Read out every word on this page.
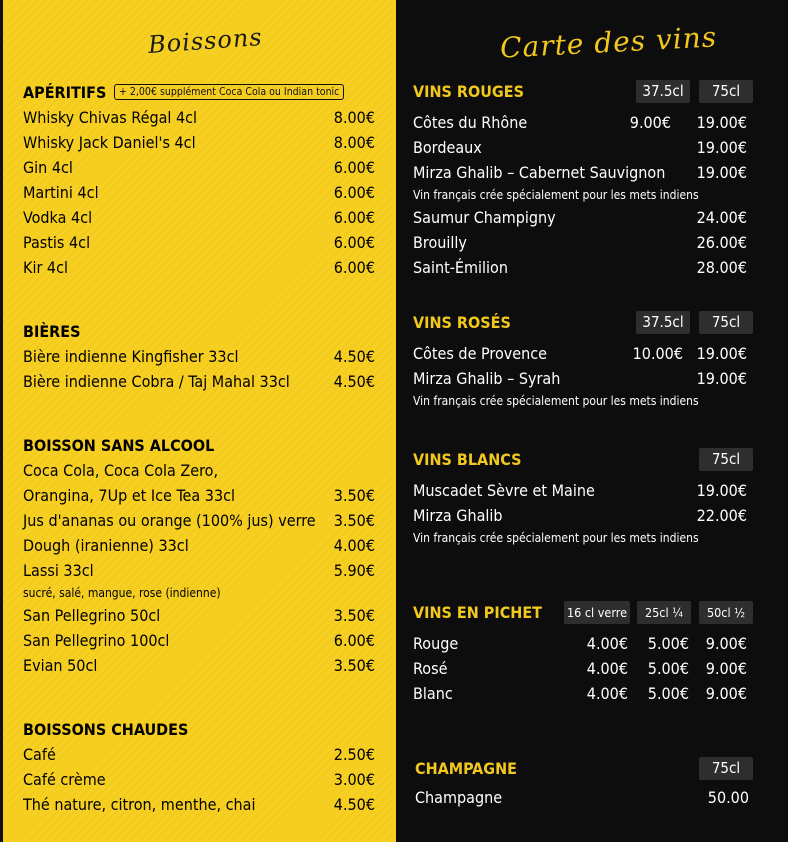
Boissons	Carte des vins
APÉRITIFS
Whisky Chivas Régal 4cl	8.00€
Whisky Jack Daniel's 4cl	8.00€
Gin 4cl	6.00€
Martini 4cl	6.00€
Vodka 4cl	6.00€
Pastis 4cl	6.00€
Kir 4cl	6.00€
+ 2,00€ supplément Coca Cola ou Indian tonic
BIÈRES
Bière indienne Kingfisher 33cl	4.50€
Bière indienne Cobra / Taj Mahal 33cl	4.50€
BOISSON SANS ALCOOL
Coca Cola, Coca Cola Zero,
Orangina, 7Up et Ice Tea 33cl	3.50€
Jus d'ananas ou orange (100% jus) verre 3.50€
Dough (iranienne) 33cl	4.00€
Lassi 33cl	5.90€
sucré, salé, mangue, rose (indienne)
San Pellegrino 50cl	3.50€
San Pellegrino 100cl	6.00€
Evian 50cl	3.50€
BOISSONS CHAUDES
Café	2.50€
Café crème	3.00€
Thé nature, citron, menthe, chai	4.50€
VINS ROUGES	37.5cl	75cl
Côtes du Rhône	9.00€ 19.00€
Bordeaux	19.00€
Mirza Ghalib – Cabernet Sauvignon 19.00€
Vin français crée spécialement pour les mets indiens
Saumur Champigny	24.00€
Brouilly	26.00€
Saint-Émilion	28.00€
VINS ROSÉS	37.5cl	75cl
Côtes de Provence	10.00€ 19.00€
Mirza Ghalib – Syrah	19.00€
Vin français crée spécialement pour les mets indiens
VINS BLANCS	75cl
Muscadet Sèvre et Maine	19.00€
Mirza Ghalib	22.00€
Vin français crée spécialement pour les mets indiens
VINS EN PICHET 16 cl verre	25cl ¼	50cl ½
Rouge	4.00€ 5.00€ 9.00€
Rosé	4.00€ 5.00€ 9.00€
Blanc	4.00€ 5.00€ 9.00€
CHAMPAGNE	75cl
Champagne	50.00
